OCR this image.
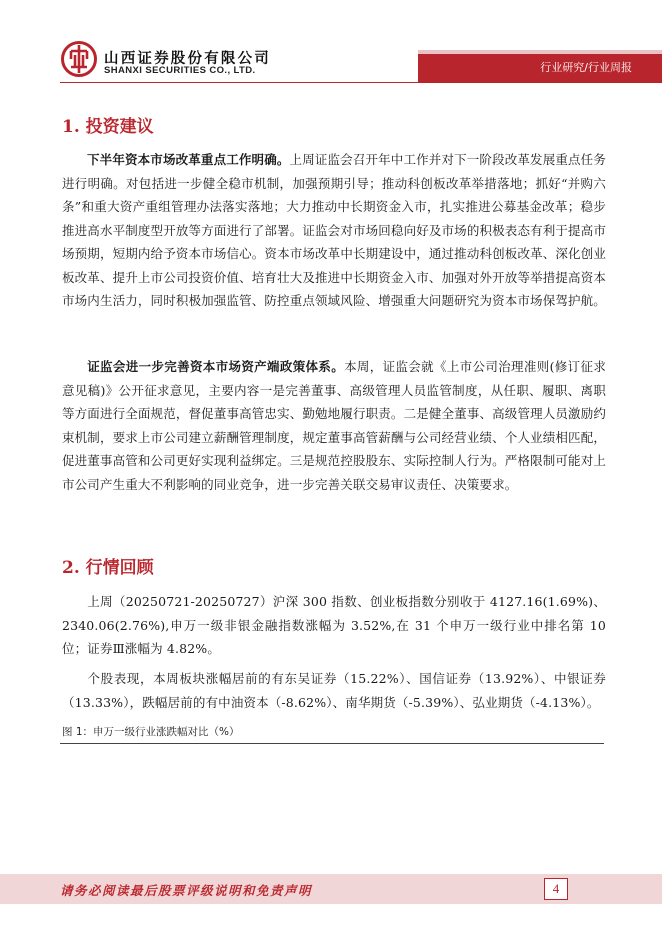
山西证券股份有限公司
SHANXI SECURITIES CO., LTD.	行业研究/行业周报
1. 投资建议
下半年资本市场改革重点工作明确。上周证监会召开年中工作并对下一阶段改革发展重点任务进行明确。对包括进一步健全稳市机制，加强预期引导；推动科创板改革举措落地；抓好“并购六条”和重大资产重组管理办法落实落地；大力推动中长期资金入市，扎实推进公募基金改革；稳步推进高水平制度型开放等方面进行了部署。证监会对市场回稳向好及市场的积极表态有利于提高市场预期，短期内给予资本市场信心。资本市场改革中长期建设中，通过推动科创板改革、深化创业板改革、提升上市公司投资价值、培育壮大及推进中长期资金入市、加强对外开放等举措提高资本市场内生活力，同时积极加强监管、防控重点领域风险、增强重大问题研究为资本市场保驾护航。
证监会进一步完善资本市场资产端政策体系。本周，证监会就《上市公司治理准则(修订征求意见稿)》公开征求意见，主要内容一是完善董事、高级管理人员监管制度，从任职、履职、离职等方面进行全面规范，督促董事高管忠实、勤勉地履行职责。二是健全董事、高级管理人员激励约束机制，要求上市公司建立薪酬管理制度，规定董事高管薪酬与公司经营业绩、个人业绩相匹配，促进董事高管和公司更好实现利益绑定。三是规范控股股东、实际控制人行为。严格限制可能对上市公司产生重大不利影响的同业竞争，进一步完善关联交易审议责任、决策要求。
2. 行情回顾
上周（20250721-20250727）沪深 300 指数、创业板指数分别收于 4127.16(1.69%)、2340.06(2.76%),申万一级非银金融指数涨幅为 3.52%,在 31 个申万一级行业中排名第 10 位；证券Ⅲ涨幅为 4.82%。
个股表现，本周板块涨幅居前的有东吴证券（15.22%）、国信证券（13.92%）、中银证券（13.33%），跌幅居前的有中油资本（-8.62%）、南华期货（-5.39%）、弘业期货（-4.13%）。
图 1：申万一级行业涨跌幅对比（%）
请务必阅读最后股票评级说明和免责声明	4
